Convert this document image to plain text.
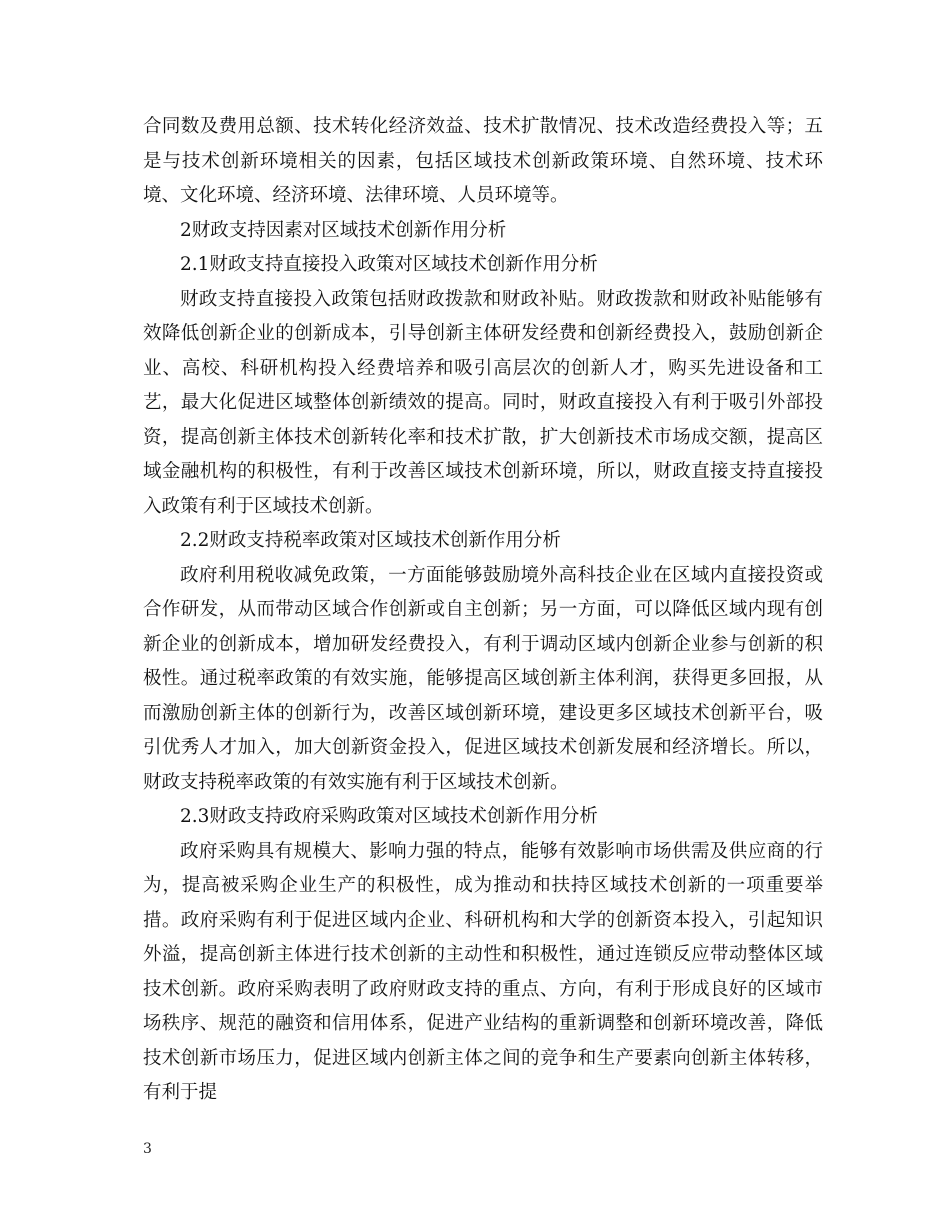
合同数及费用总额、技术转化经济效益、技术扩散情况、技术改造经费投入等；五是与技术创新环境相关的因素，包括区域技术创新政策环境、自然环境、技术环境、文化环境、经济环境、法律环境、人员环境等。

2财政支持因素对区域技术创新作用分析

2.1财政支持直接投入政策对区域技术创新作用分析

财政支持直接投入政策包括财政拨款和财政补贴。财政拨款和财政补贴能够有效降低创新企业的创新成本，引导创新主体研发经费和创新经费投入，鼓励创新企业、高校、科研机构投入经费培养和吸引高层次的创新人才，购买先进设备和工艺，最大化促进区域整体创新绩效的提高。同时，财政直接投入有利于吸引外部投资，提高创新主体技术创新转化率和技术扩散，扩大创新技术市场成交额，提高区域金融机构的积极性，有利于改善区域技术创新环境，所以，财政直接支持直接投入政策有利于区域技术创新。

2.2财政支持税率政策对区域技术创新作用分析

政府利用税收减免政策，一方面能够鼓励境外高科技企业在区域内直接投资或合作研发，从而带动区域合作创新或自主创新；另一方面，可以降低区域内现有创新企业的创新成本，增加研发经费投入，有利于调动区域内创新企业参与创新的积极性。通过税率政策的有效实施，能够提高区域创新主体利润，获得更多回报，从而激励创新主体的创新行为，改善区域创新环境，建设更多区域技术创新平台，吸引优秀人才加入，加大创新资金投入，促进区域技术创新发展和经济增长。所以，财政支持税率政策的有效实施有利于区域技术创新。

2.3财政支持政府采购政策对区域技术创新作用分析

政府采购具有规模大、影响力强的特点，能够有效影响市场供需及供应商的行为，提高被采购企业生产的积极性，成为推动和扶持区域技术创新的一项重要举措。政府采购有利于促进区域内企业、科研机构和大学的创新资本投入，引起知识外溢，提高创新主体进行技术创新的主动性和积极性，通过连锁反应带动整体区域技术创新。政府采购表明了政府财政支持的重点、方向，有利于形成良好的区域市场秩序、规范的融资和信用体系，促进产业结构的重新调整和创新环境改善，降低技术创新市场压力，促进区域内创新主体之间的竞争和生产要素向创新主体转移，有利于提

3
